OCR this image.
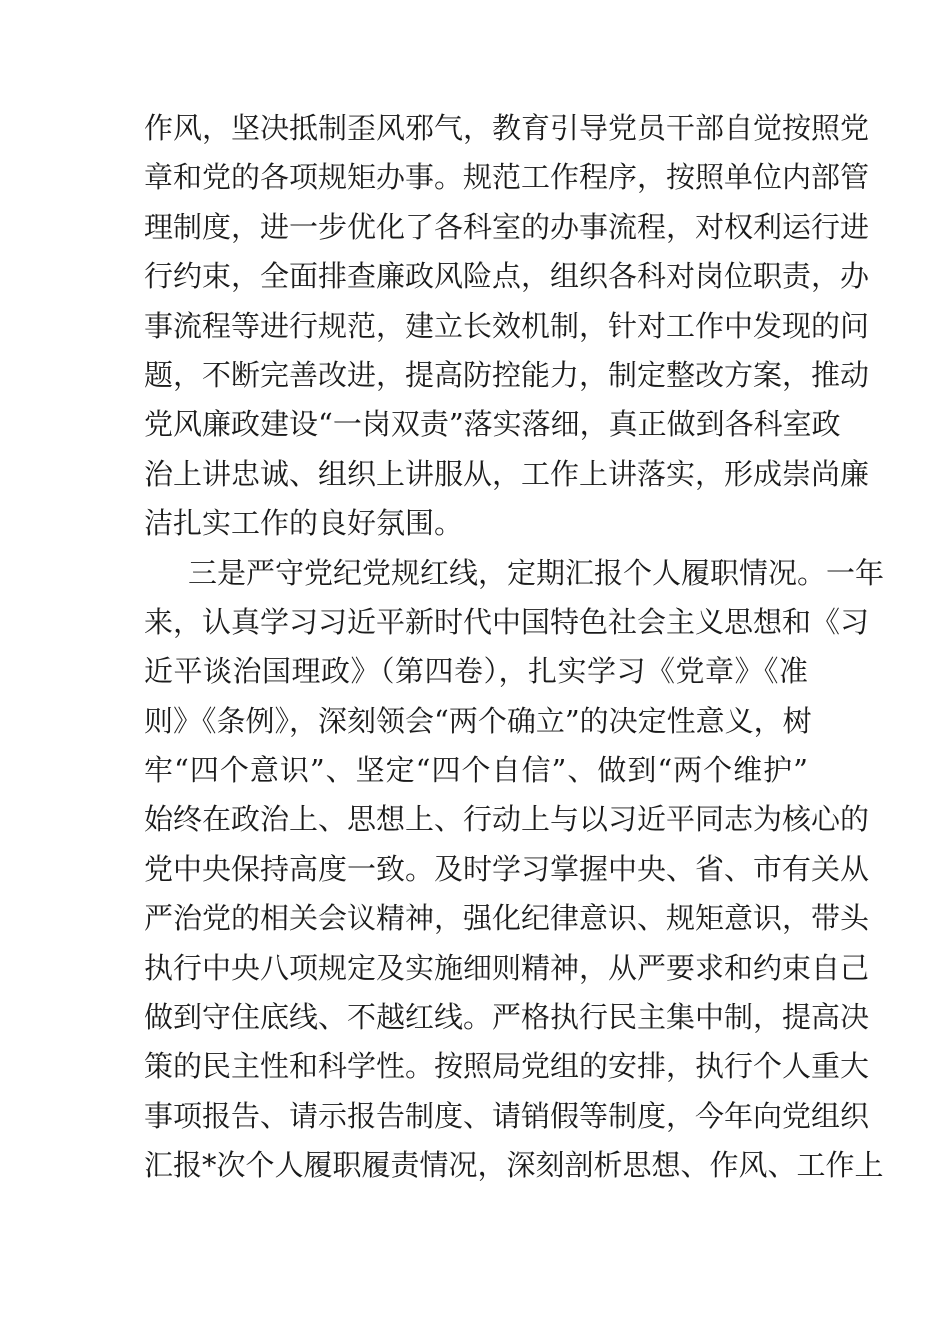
作风，坚决抵制歪风邪气，教育引导党员干部自觉按照党
章和党的各项规矩办事。规范工作程序，按照单位内部管
理制度，进一步优化了各科室的办事流程，对权利运行进
行约束，全面排查廉政风险点，组织各科对岗位职责，办
事流程等进行规范，建立长效机制，针对工作中发现的问
题，不断完善改进，提高防控能力，制定整改方案，推动
党风廉政建设“一岗双责”落实落细，真正做到各科室政
治上讲忠诚、组织上讲服从，工作上讲落实，形成崇尚廉
洁扎实工作的良好氛围。
三是严守党纪党规红线，定期汇报个人履职情况。一年
来，认真学习习近平新时代中国特色社会主义思想和《习
近平谈治国理政》（第四卷），扎实学习《党章》《准
则》《条例》，深刻领会“两个确立”的决定性意义，树
牢“四个意识”、坚定“四个自信”、做到“两个维护”
始终在政治上、思想上、行动上与以习近平同志为核心的
党中央保持高度一致。及时学习掌握中央、省、市有关从
严治党的相关会议精神，强化纪律意识、规矩意识，带头
执行中央八项规定及实施细则精神，从严要求和约束自己
做到守住底线、不越红线。严格执行民主集中制，提高决
策的民主性和科学性。按照局党组的安排，执行个人重大
事项报告、请示报告制度、请销假等制度，今年向党组织
汇报*次个人履职履责情况，深刻剖析思想、作风、工作上
